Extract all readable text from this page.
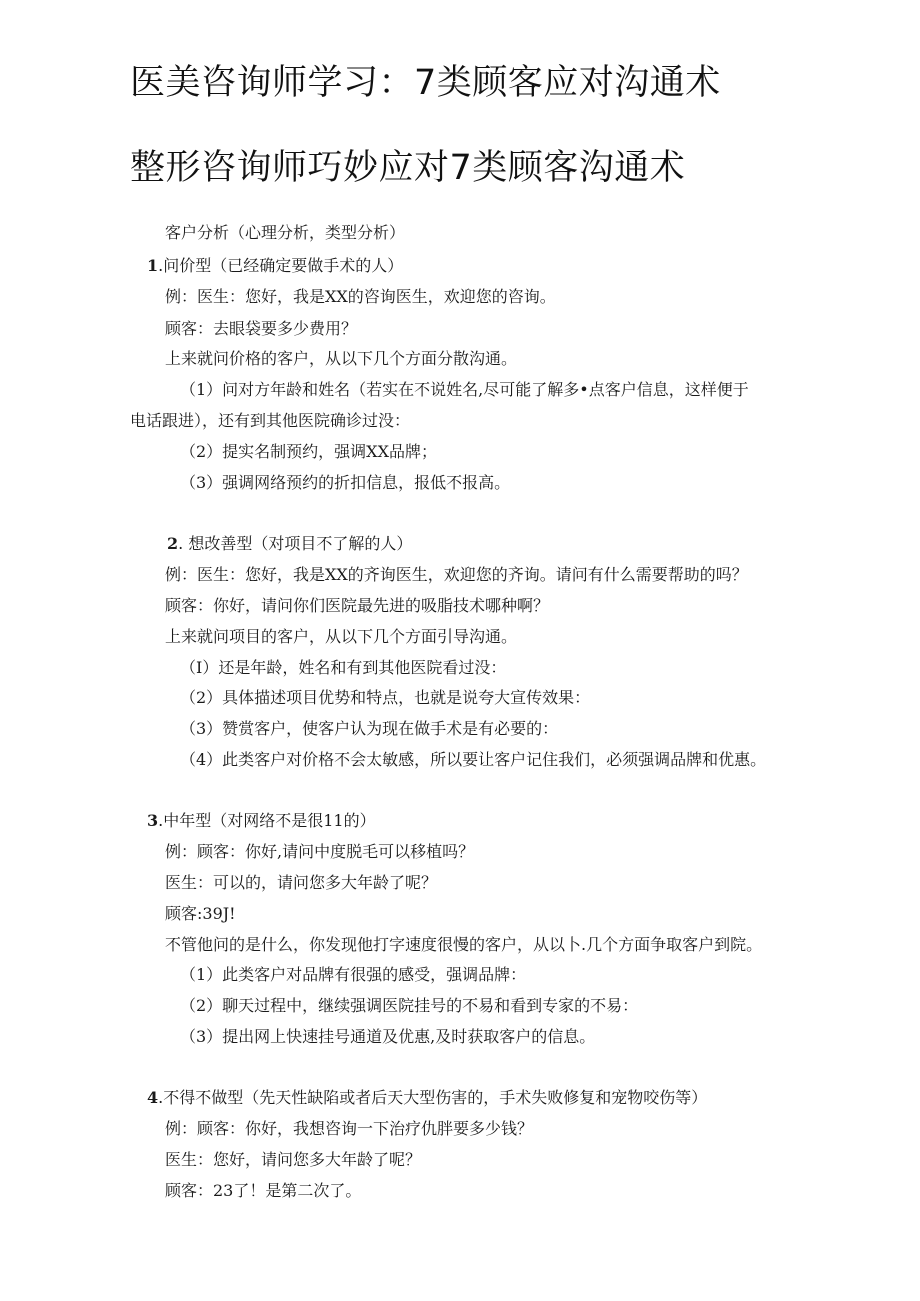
医美咨询师学习：7类顾客应对沟通术
整形咨询师巧妙应对7类顾客沟通术
客户分析（心理分析，类型分析）
1.问价型（已经确定要做手术的人）
例：医生：您好，我是XX的咨询医生，欢迎您的咨询。
顾客：去眼袋要多少费用？
上来就问价格的客户，从以下几个方面分散沟通。
（1）问对方年龄和姓名（若实在不说姓名,尽可能了解多•点客户信息，这样便于
电话跟进），还有到其他医院确诊过没：
（2）提实名制预约，强调XX品牌；
（3）强调网络预约的折扣信息，报低不报高。
2. 想改善型（对项目不了解的人）
例：医生：您好，我是XX的齐询医生，欢迎您的齐询。请问有什么需要帮助的吗？
顾客：你好，请问你们医院最先进的吸脂技术哪种啊？
上来就问项目的客户，从以下几个方面引导沟通。
（I）还是年龄，姓名和有到其他医院看过没：
（2）具体描述项目优势和特点，也就是说夸大宣传效果：
（3）赞赏客户，使客户认为现在做手术是有必要的：
（4）此类客户对价格不会太敏感，所以要让客户记住我们，必须强调品牌和优惠。
3.中年型（对网络不是很11的）
例：顾客：你好,请问中度脱毛可以移植吗？
医生：可以的，请问您多大年龄了呢？
顾客:39J!
不管他问的是什么，你发现他打字速度很慢的客户，从以卜.几个方面争取客户到院。
（1）此类客户对品牌有很强的感受，强调品牌：
（2）聊天过程中，继续强调医院挂号的不易和看到专家的不易：
（3）提出网上快速挂号通道及优惠,及时获取客户的信息。
4.不得不做型（先天性缺陷或者后天大型伤害的，手术失败修复和宠物咬伤等）
例：顾客：你好，我想咨询一下治疗仇胖要多少钱？
医生：您好，请问您多大年龄了呢？
顾客：23了！是第二次了。
